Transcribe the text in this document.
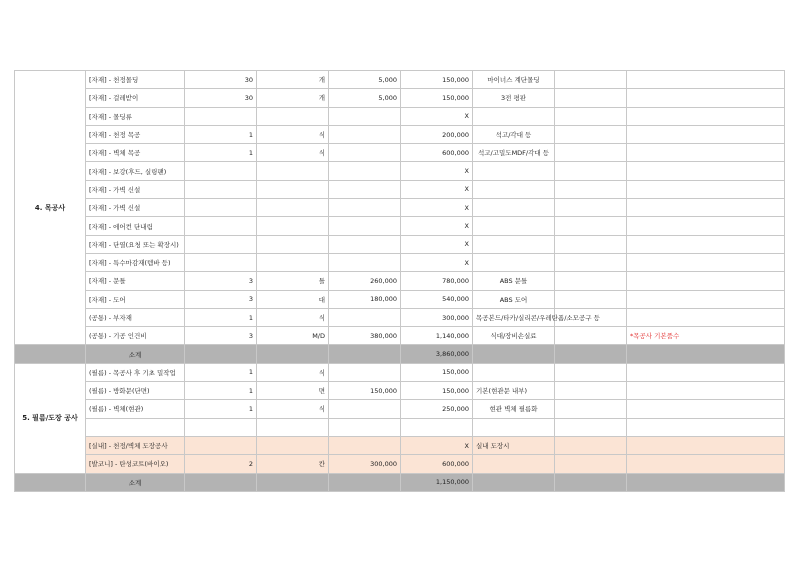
4. 목공사	[자재] - 천정몰딩	30	개	5,000	150,000	마이너스 계단몰딩		
	[자재] - 걸레받이	30	개	5,000	150,000	3전 평판		
	[자재] - 몰딩류				X			
	[자재] - 천정 목공	1	식		200,000	석고/각대 등		
	[자재] - 벽체 목공	1	식		600,000	석고/고밀도MDF/각대 등		
	[자재] - 보강(후드, 실링팬)				X			
	[자재] - 가벽 신설				X			
	[자재] - 가벽 신설				X			
	[자재] - 에어컨 단내림				X			
	[자재] - 단열(요청 또는 확장시)				X			
	[자재] - 특수마감재(템바 등)				X			
	[자재] - 문틀	3	틀	260,000	780,000	ABS 문틀		
	[자재] - 도어	3	대	180,000	540,000	ABS 도어		
	(공통) - 부자재	1	식		300,000	목공본드/타카/실리콘/우레탄폼/소모공구 등		
	(공통) - 기공 인건비	3	M/D	380,000	1,140,000	식대/장비손실료		*목공사 기본품수
	소계				3,860,000			
5. 필름/도장 공사	(필름) - 목공사 후 기초 밀작업	1	식		150,000			
	(필름) - 방화문(단면)	1	면	150,000	150,000	기본(현관문 내부)		
	(필름) - 벽체(현관)	1	식		250,000	현관 벽체 필름화		

	[실내] - 천정/벽체 도장공사				X	실내 도장시		
	[발코니] - 탄성코트(바이오)	2	칸	300,000	600,000			
	소계				1,150,000			
